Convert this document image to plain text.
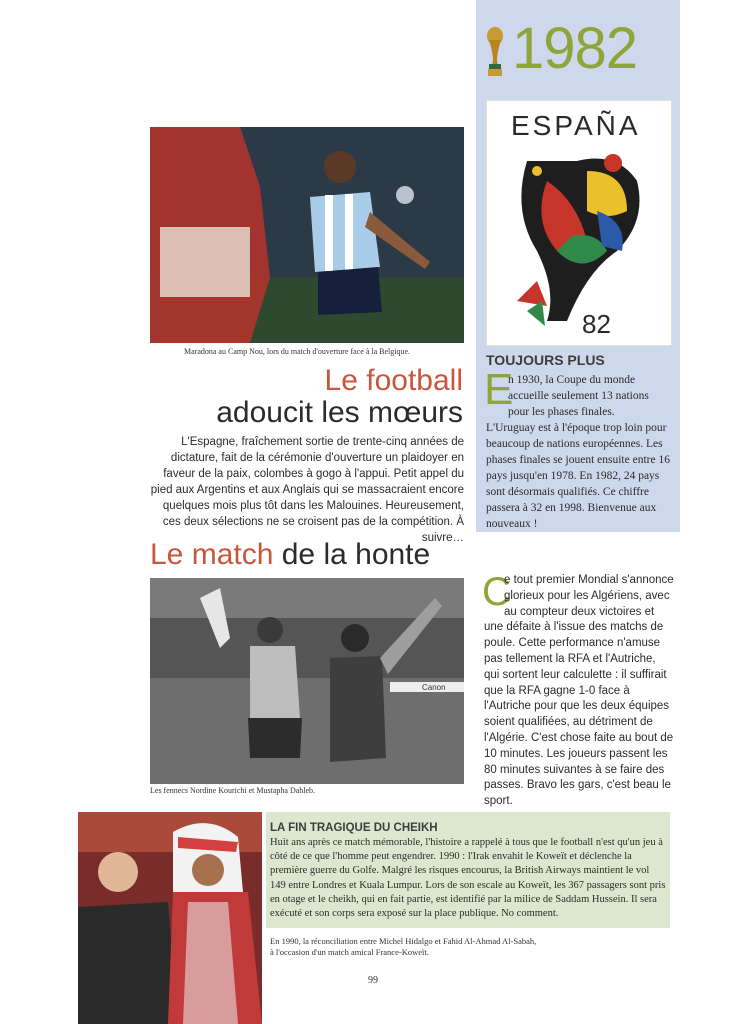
1982
ESPAÑA
82
TOUJOURS PLUS
E
n 1930, la Coupe du monde
accueille seulement 13 nations
pour les phases finales.
L'Uruguay est à l'époque trop loin pour beaucoup de nations européennes. Les phases finales se jouent ensuite entre 16 pays jusqu'en 1978. En 1982, 24 pays sont désormais qualifiés. Ce chiffre passera à 32 en 1998. Bienvenue aux nouveaux !
Maradona au Camp Nou, lors du match d'ouverture face à la Belgique.
Le football
adoucit les mœurs
L'Espagne, fraîchement sortie de trente-cinq années de dictature, fait de la cérémonie d'ouverture un plaidoyer en faveur de la paix, colombes à gogo à l'appui. Petit appel du pied aux Argentins et aux Anglais qui se massacraient encore quelques mois plus tôt dans les Malouines. Heureusement, ces deux sélections ne se croisent pas de la compétition. À suivre…
Le match de la honte
Canon
Les fennecs Nordine Kourichi et Mustapha Dahleb.
C
e tout premier Mondial s'annonce
glorieux pour les Algériens, avec
au compteur deux victoires et
une défaite à l'issue des matchs de poule. Cette performance n'amuse pas tellement la RFA et l'Autriche, qui sortent leur calculette : il suffirait que la RFA gagne 1-0 face à l'Autriche pour que les deux équipes soient qualifiées, au détriment de l'Algérie. C'est chose faite au bout de 10 minutes. Les joueurs passent les 80 minutes suivantes à se faire des passes. Bravo les gars, c'est beau le sport.
LA FIN TRAGIQUE DU CHEIKH
Huit ans après ce match mémorable, l'histoire a rappelé à tous que le football n'est qu'un jeu à côté de ce que l'homme peut engendrer. 1990 : l'Irak envahit le Koweït et déclenche la première guerre du Golfe. Malgré les risques encourus, la British Airways maintient le vol 149 entre Londres et Kuala Lumpur. Lors de son escale au Koweït, les 367 passagers sont pris en otage et le cheikh, qui en fait partie, est identifié par la milice de Saddam Hussein. Il sera exécuté et son corps sera exposé sur la place publique. No comment.
En 1990, la réconciliation entre Michel Hidalgo et Fahid Al-Ahmad Al-Sabah,
à l'occasion d'un match amical France-Koweït.
99
